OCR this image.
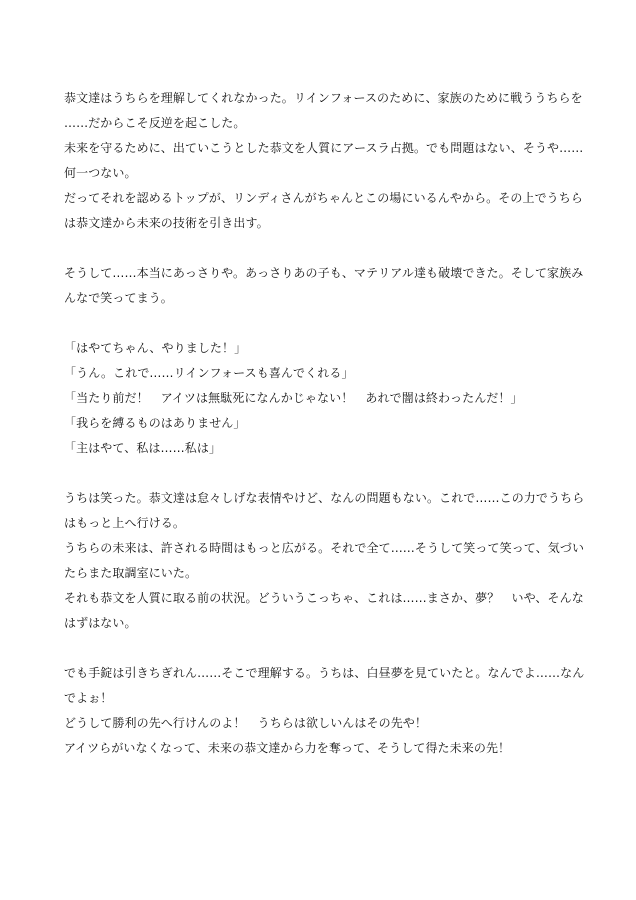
恭文達はうちらを理解してくれなかった。リインフォースのために、家族のために戦ううちらを
……だからこそ反逆を起こした。
未来を守るために、出ていこうとした恭文を人質にアースラ占拠。でも問題はない、そうや……
何一つない。
だってそれを認めるトップが、リンディさんがちゃんとこの場にいるんやから。その上でうちら
は恭文達から未来の技術を引き出す。
そうして……本当にあっさりや。あっさりあの子も、マテリアル達も破壊できた。そして家族み
んなで笑ってまう。
「はやてちゃん、やりました！」
「うん。これで……リインフォースも喜んでくれる」
「当たり前だ！　アイツは無駄死になんかじゃない！　あれで闇は終わったんだ！」
「我らを縛るものはありません」
「主はやて、私は……私は」
うちは笑った。恭文達は怠々しげな表情やけど、なんの問題もない。これで……この力でうちら
はもっと上へ行ける。
うちらの未来は、許される時間はもっと広がる。それで全て……そうして笑って笑って、気づい
たらまた取調室にいた。
それも恭文を人質に取る前の状況。どういうこっちゃ、これは……まさか、夢？　いや、そんな
はずはない。
でも手錠は引きちぎれん……そこで理解する。うちは、白昼夢を見ていたと。なんでよ……なん
でよぉ！
どうして勝利の先へ行けんのよ！　うちらは欲しいんはその先や！
アイツらがいなくなって、未来の恭文達から力を奪って、そうして得た未来の先！
